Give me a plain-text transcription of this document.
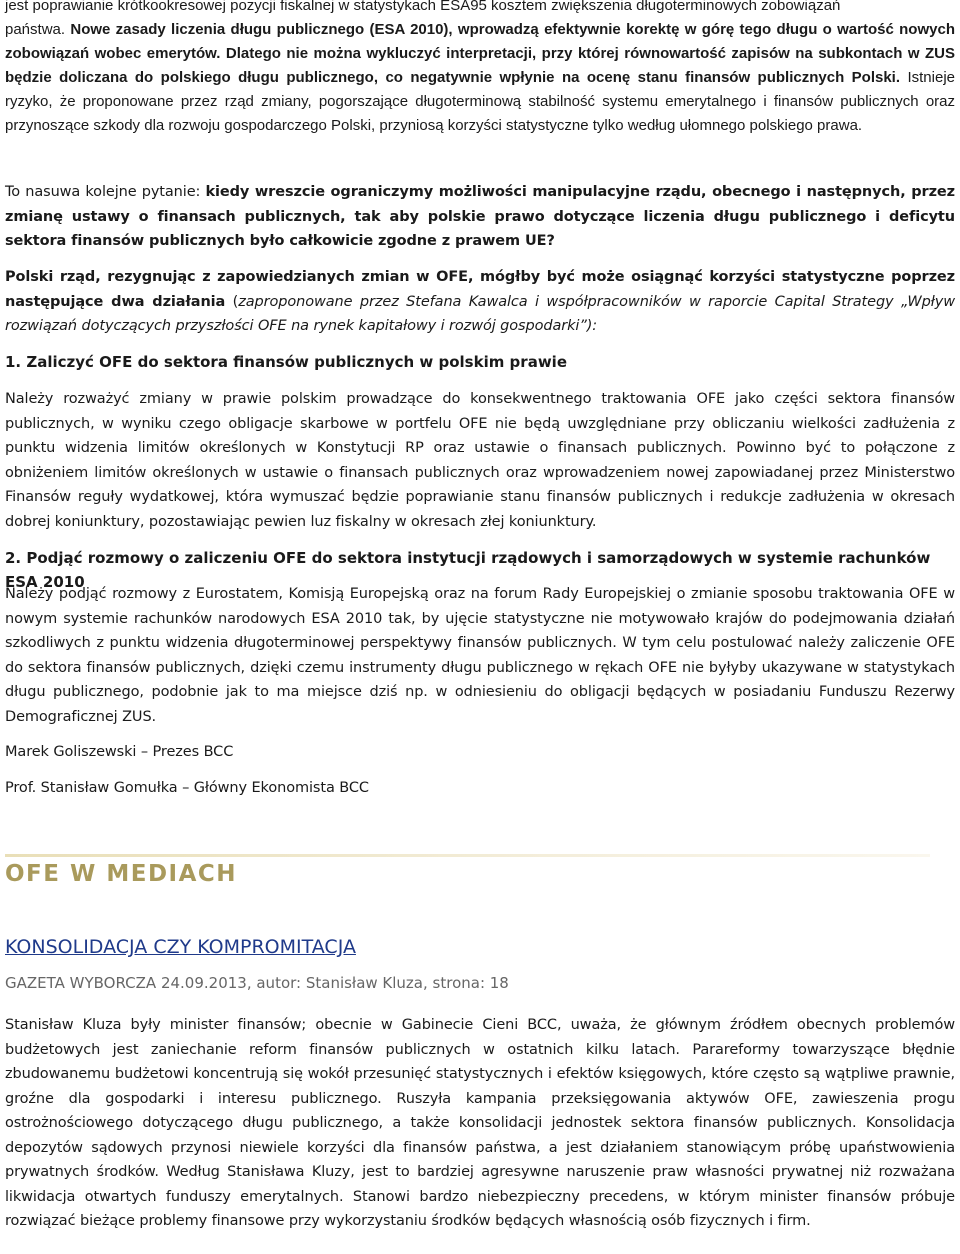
jest poprawianie krótkookresowej pozycji fiskalnej w statystykach ESA95 kosztem zwiększenia długoterminowych zobowiązań

państwa. Nowe zasady liczenia długu publicznego (ESA 2010), wprowadzą efektywnie korektę w górę tego długu o wartość nowych zobowiązań wobec emerytów. Dlatego nie można wykluczyć interpretacji, przy której równowartość zapisów na subkontach w ZUS będzie doliczana do polskiego długu publicznego, co negatywnie wpłynie na ocenę stanu finansów publicznych Polski. Istnieje ryzyko, że proponowane przez rząd zmiany, pogorszające długoterminową stabilność systemu emerytalnego i finansów publicznych oraz przynoszące szkody dla rozwoju gospodarczego Polski, przyniosą korzyści statystyczne tylko według ułomnego polskiego prawa.

To nasuwa kolejne pytanie: kiedy wreszcie ograniczymy możliwości manipulacyjne rządu, obecnego i następnych, przez zmianę ustawy o finansach publicznych, tak aby polskie prawo dotyczące liczenia długu publicznego i deficytu sektora finansów publicznych było całkowicie zgodne z prawem UE?

Polski rząd, rezygnując z zapowiedzianych zmian w OFE, mógłby być może osiągnąć korzyści statystyczne poprzez następujące dwa działania (zaproponowane przez Stefana Kawalca i współpracowników w raporcie Capital Strategy „Wpływ rozwiązań dotyczących przyszłości OFE na rynek kapitałowy i rozwój gospodarki”):

1. Zaliczyć OFE do sektora finansów publicznych w polskim prawie

Należy rozważyć zmiany w prawie polskim prowadzące do konsekwentnego traktowania OFE jako części sektora finansów publicznych, w wyniku czego obligacje skarbowe w portfelu OFE nie będą uwzględniane przy obliczaniu wielkości zadłużenia z punktu widzenia limitów określonych w Konstytucji RP oraz ustawie o finansach publicznych. Powinno być to połączone z obniżeniem limitów określonych w ustawie o finansach publicznych oraz wprowadzeniem nowej zapowiadanej przez Ministerstwo Finansów reguły wydatkowej, która wymuszać będzie poprawianie stanu finansów publicznych i redukcje zadłużenia w okresach dobrej koniunktury, pozostawiając pewien luz fiskalny w okresach złej koniunktury.

2. Podjąć rozmowy o zaliczeniu OFE do sektora instytucji rządowych i samorządowych w systemie rachunków ESA 2010

Należy podjąć rozmowy z Eurostatem, Komisją Europejską oraz na forum Rady Europejskiej o zmianie sposobu traktowania OFE w nowym systemie rachunków narodowych ESA 2010 tak, by ujęcie statystyczne nie motywowało krajów do podejmowania działań szkodliwych z punktu widzenia długoterminowej perspektywy finansów publicznych. W tym celu postulować należy zaliczenie OFE do sektora finansów publicznych, dzięki czemu instrumenty długu publicznego w rękach OFE nie byłyby ukazywane w statystykach długu publicznego, podobnie jak to ma miejsce dziś np. w odniesieniu do obligacji będących w posiadaniu Funduszu Rezerwy Demograficznej ZUS.

Marek Goliszewski – Prezes BCC

Prof. Stanisław Gomułka – Główny Ekonomista BCC

OFE W MEDIACH

KONSOLIDACJA CZY KOMPROMITACJA

GAZETA WYBORCZA 24.09.2013, autor: Stanisław Kluza, strona: 18

Stanisław Kluza były minister finansów; obecnie w Gabinecie Cieni BCC, uważa, że głównym źródłem obecnych problemów budżetowych jest zaniechanie reform finansów publicznych w ostatnich kilku latach. Parareformy towarzyszące błędnie zbudowanemu budżetowi koncentrują się wokół przesunięć statystycznych i efektów księgowych, które często są wątpliwe prawnie, groźne dla gospodarki i interesu publicznego. Ruszyła kampania przeksięgowania aktywów OFE, zawieszenia progu ostrożnościowego dotyczącego długu publicznego, a także konsolidacji jednostek sektora finansów publicznych. Konsolidacja depozytów sądowych przynosi niewiele korzyści dla finansów państwa, a jest działaniem stanowiącym próbę upaństwowienia prywatnych środków. Według Stanisława Kluzy, jest to bardziej agresywne naruszenie praw własności prywatnej niż rozważana likwidacja otwartych funduszy emerytalnych. Stanowi bardzo niebezpieczny precedens, w którym minister finansów próbuje rozwiązać bieżące problemy finansowe przy wykorzystaniu środków będących własnością osób fizycznych i firm.
